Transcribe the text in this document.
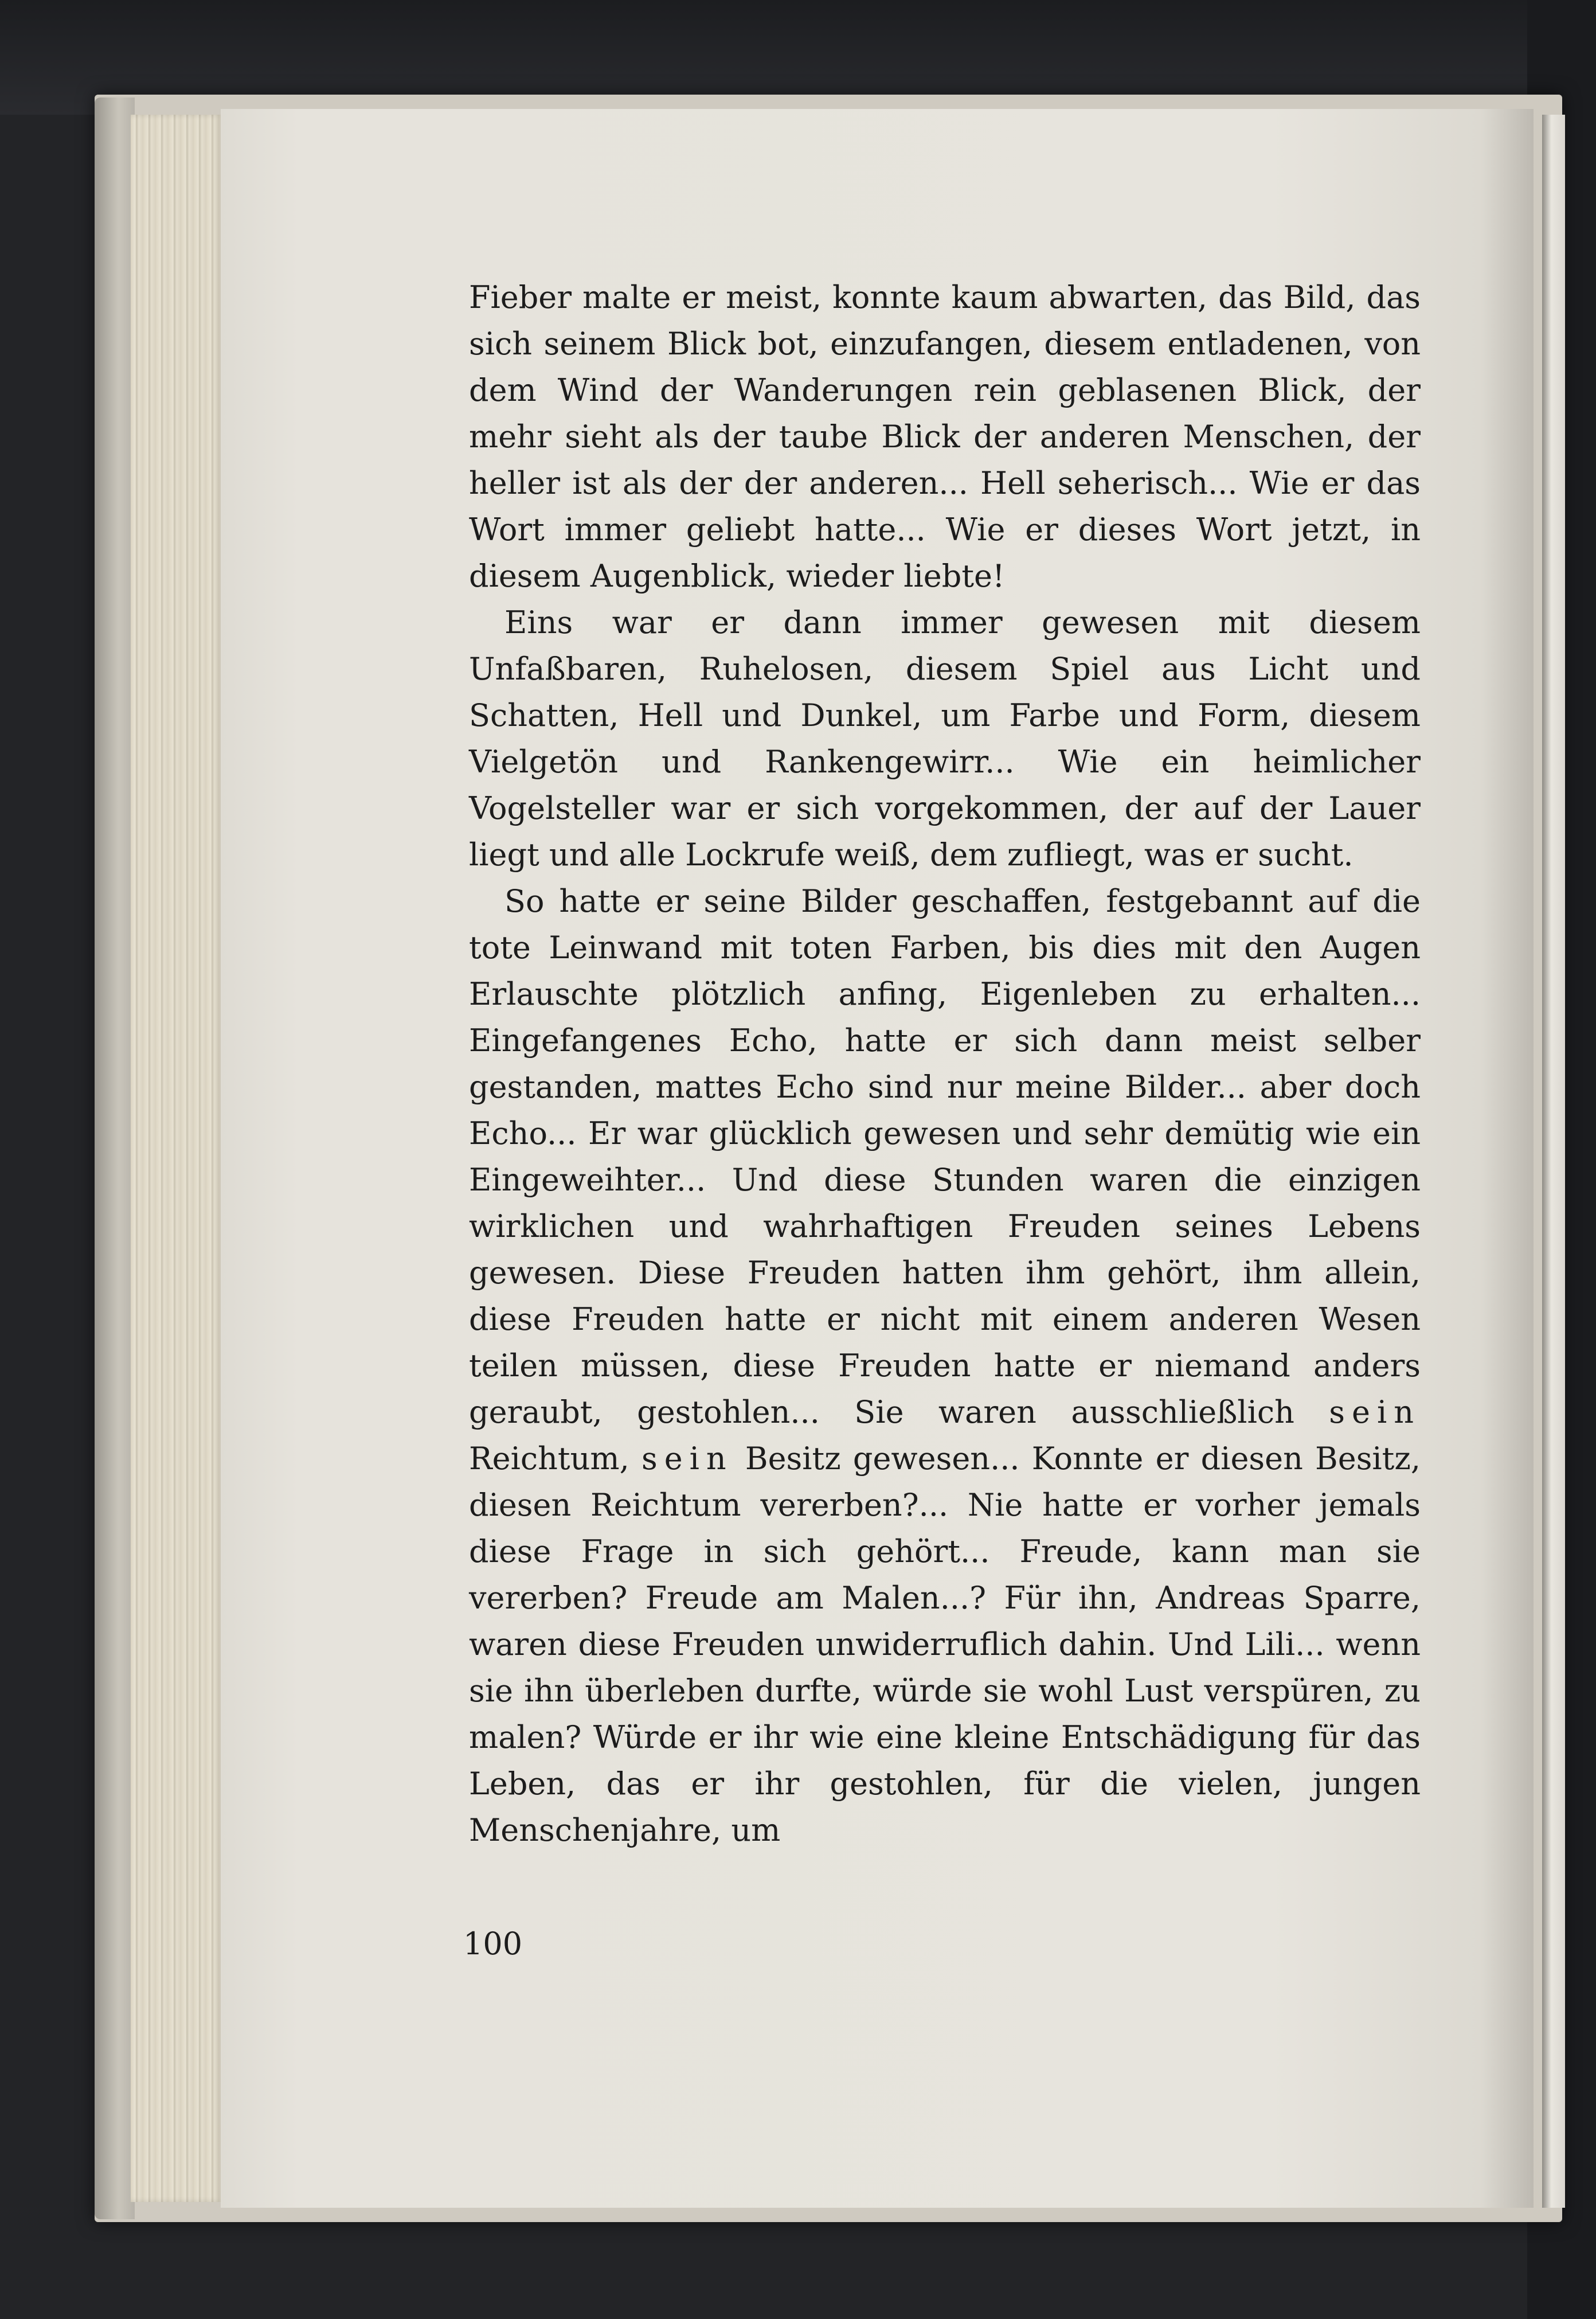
Fieber malte er meist, konnte kaum abwarten, das Bild, das sich seinem Blick bot, einzufangen, diesem entladenen, von dem Wind der Wanderungen rein geblasenen Blick, der mehr sieht als der taube Blick der anderen Menschen, der heller ist als der der anderen... Hell seherisch... Wie er das Wort immer geliebt hatte... Wie er dieses Wort jetzt, in diesem Augenblick, wieder liebte!

Eins war er dann immer gewesen mit diesem Unfaßbaren, Ruhelosen, diesem Spiel aus Licht und Schatten, Hell und Dunkel, um Farbe und Form, diesem Vielgetön und Rankengewirr... Wie ein heimlicher Vogelsteller war er sich vorgekommen, der auf der Lauer liegt und alle Lockrufe weiß, dem zufliegt, was er sucht.

So hatte er seine Bilder geschaffen, festgebannt auf die tote Leinwand mit toten Farben, bis dies mit den Augen Erlauschte plötzlich anfing, Eigenleben zu erhalten... Eingefangenes Echo, hatte er sich dann meist selber gestanden, mattes Echo sind nur meine Bilder... aber doch Echo... Er war glücklich gewesen und sehr demütig wie ein Eingeweihter... Und diese Stunden waren die einzigen wirklichen und wahrhaftigen Freuden seines Lebens gewesen. Diese Freuden hatten ihm gehört, ihm allein, diese Freuden hatte er nicht mit einem anderen Wesen teilen müssen, diese Freuden hatte er niemand anders geraubt, gestohlen... Sie waren ausschließlich sein Reichtum, sein Besitz gewesen... Konnte er diesen Besitz, diesen Reichtum vererben?... Nie hatte er vorher jemals diese Frage in sich gehört... Freude, kann man sie vererben? Freude am Malen...? Für ihn, Andreas Sparre, waren diese Freuden unwiderruflich dahin. Und Lili... wenn sie ihn überleben durfte, würde sie wohl Lust verspüren, zu malen? Würde er ihr wie eine kleine Entschädigung für das Leben, das er ihr gestohlen, für die vielen, jungen Menschenjahre, um

100
